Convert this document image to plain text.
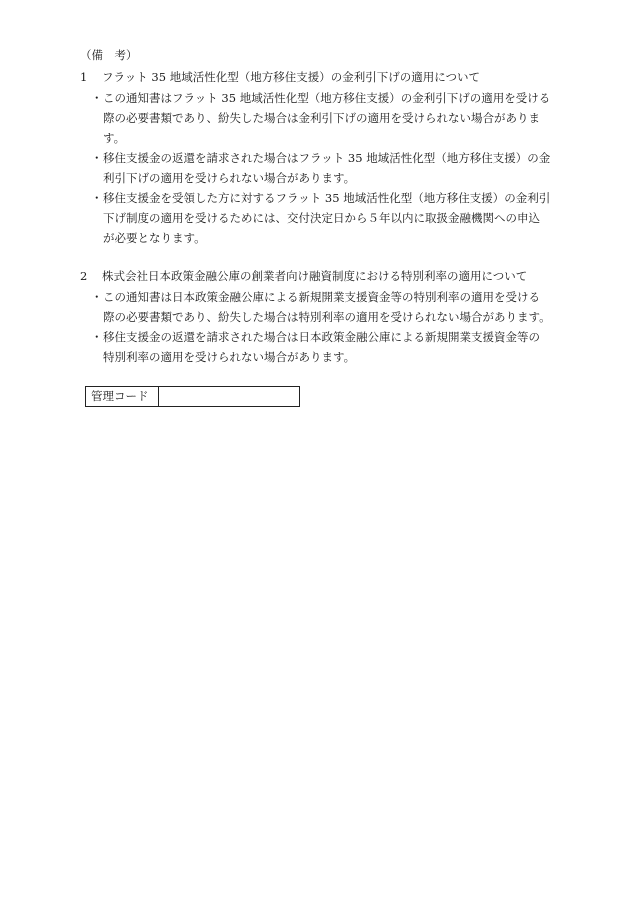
（備　考）
1 フラット 35 地域活性化型（地方移住支援）の金利引下げの適用について
・ この通知書はフラット 35 地域活性化型（地方移住支援）の金利引下げの適用を受ける
際の必要書類であり、紛失した場合は金利引下げの適用を受けられない場合がありま
す。
・ 移住支援金の返還を請求された場合はフラット 35 地域活性化型（地方移住支援）の金
利引下げの適用を受けられない場合があります。
・ 移住支援金を受領した方に対するフラット 35 地域活性化型（地方移住支援）の金利引
下げ制度の適用を受けるためには、交付決定日から５年以内に取扱金融機関への申込
が必要となります。
2 株式会社日本政策金融公庫の創業者向け融資制度における特別利率の適用について
・ この通知書は日本政策金融公庫による新規開業支援資金等の特別利率の適用を受ける
際の必要書類であり、紛失した場合は特別利率の適用を受けられない場合があります。
・ 移住支援金の返還を請求された場合は日本政策金融公庫による新規開業支援資金等の
特別利率の適用を受けられない場合があります。
管理コード
